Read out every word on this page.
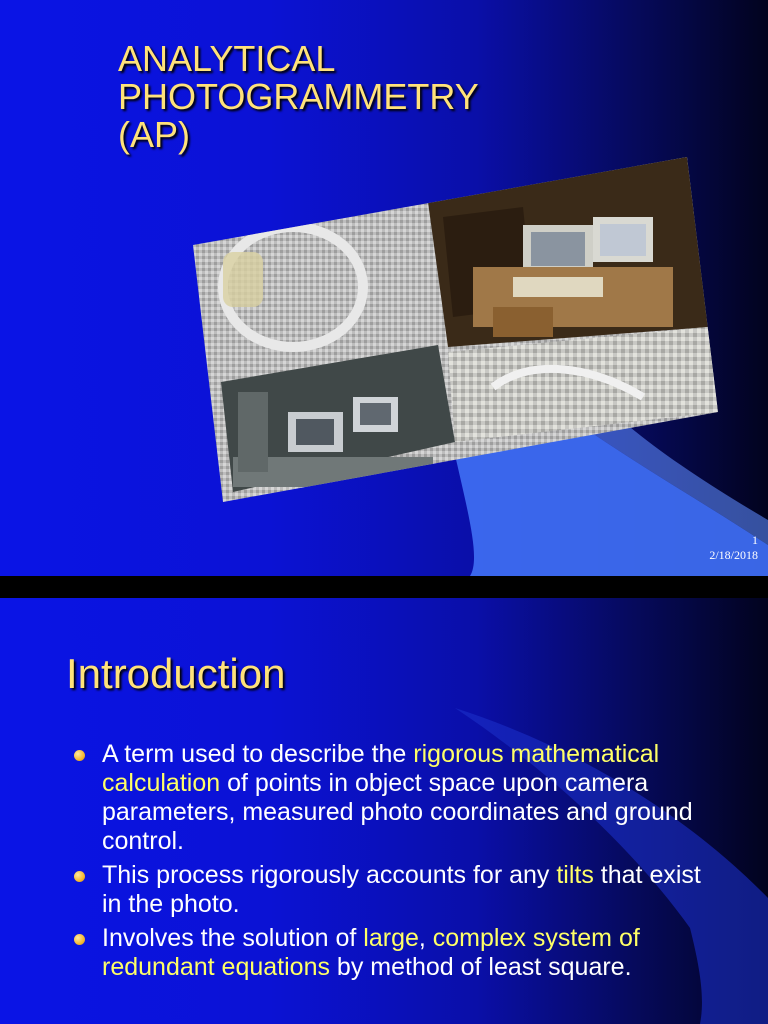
ANALYTICAL
PHOTOGRAMMETRY
(AP)
1
2/18/2018
Introduction
A term used to describe the rigorous mathematical calculation of points in object space upon camera parameters, measured photo coordinates and ground control.
This process rigorously accounts for any tilts that exist in the photo.
Involves the solution of large, complex system of redundant equations by method of least square.
